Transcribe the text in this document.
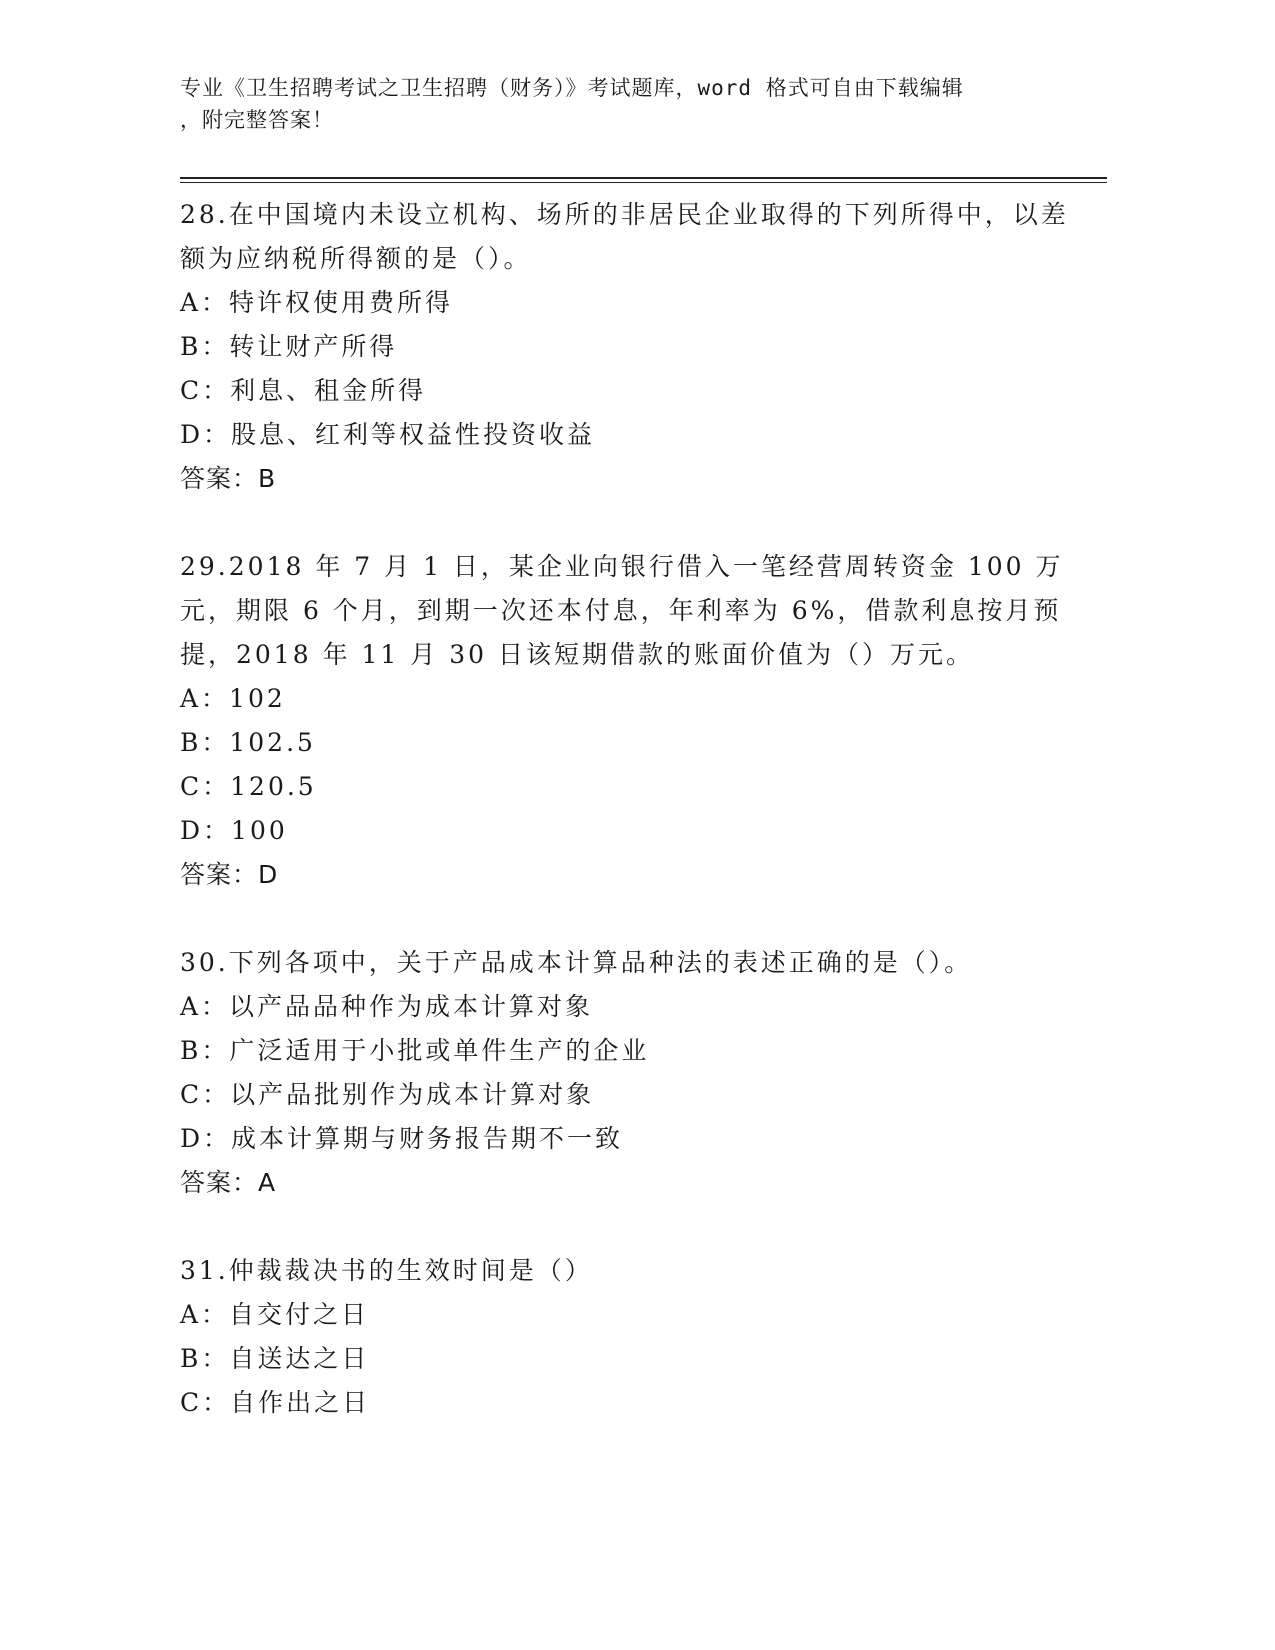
专业《卫生招聘考试之卫生招聘（财务）》考试题库，word 格式可自由下载编辑
，附完整答案！

28.在中国境内未设立机构、场所的非居民企业取得的下列所得中，以差额为应纳税所得额的是（）。

A：特许权使用费所得

B：转让财产所得

C：利息、租金所得

D：股息、红利等权益性投资收益

答案：B

29.2018 年 7 月 1 日，某企业向银行借入一笔经营周转资金 100 万元，期限 6 个月，到期一次还本付息，年利率为 6%，借款利息按月预提，2018 年 11 月 30 日该短期借款的账面价值为（）万元。

A：102

B：102.5

C：120.5

D：100

答案：D

30.下列各项中，关于产品成本计算品种法的表述正确的是（）。

A：以产品品种作为成本计算对象

B：广泛适用于小批或单件生产的企业

C：以产品批别作为成本计算对象

D：成本计算期与财务报告期不一致

答案：A

31.仲裁裁决书的生效时间是（）

A：自交付之日

B：自送达之日

C：自作出之日
